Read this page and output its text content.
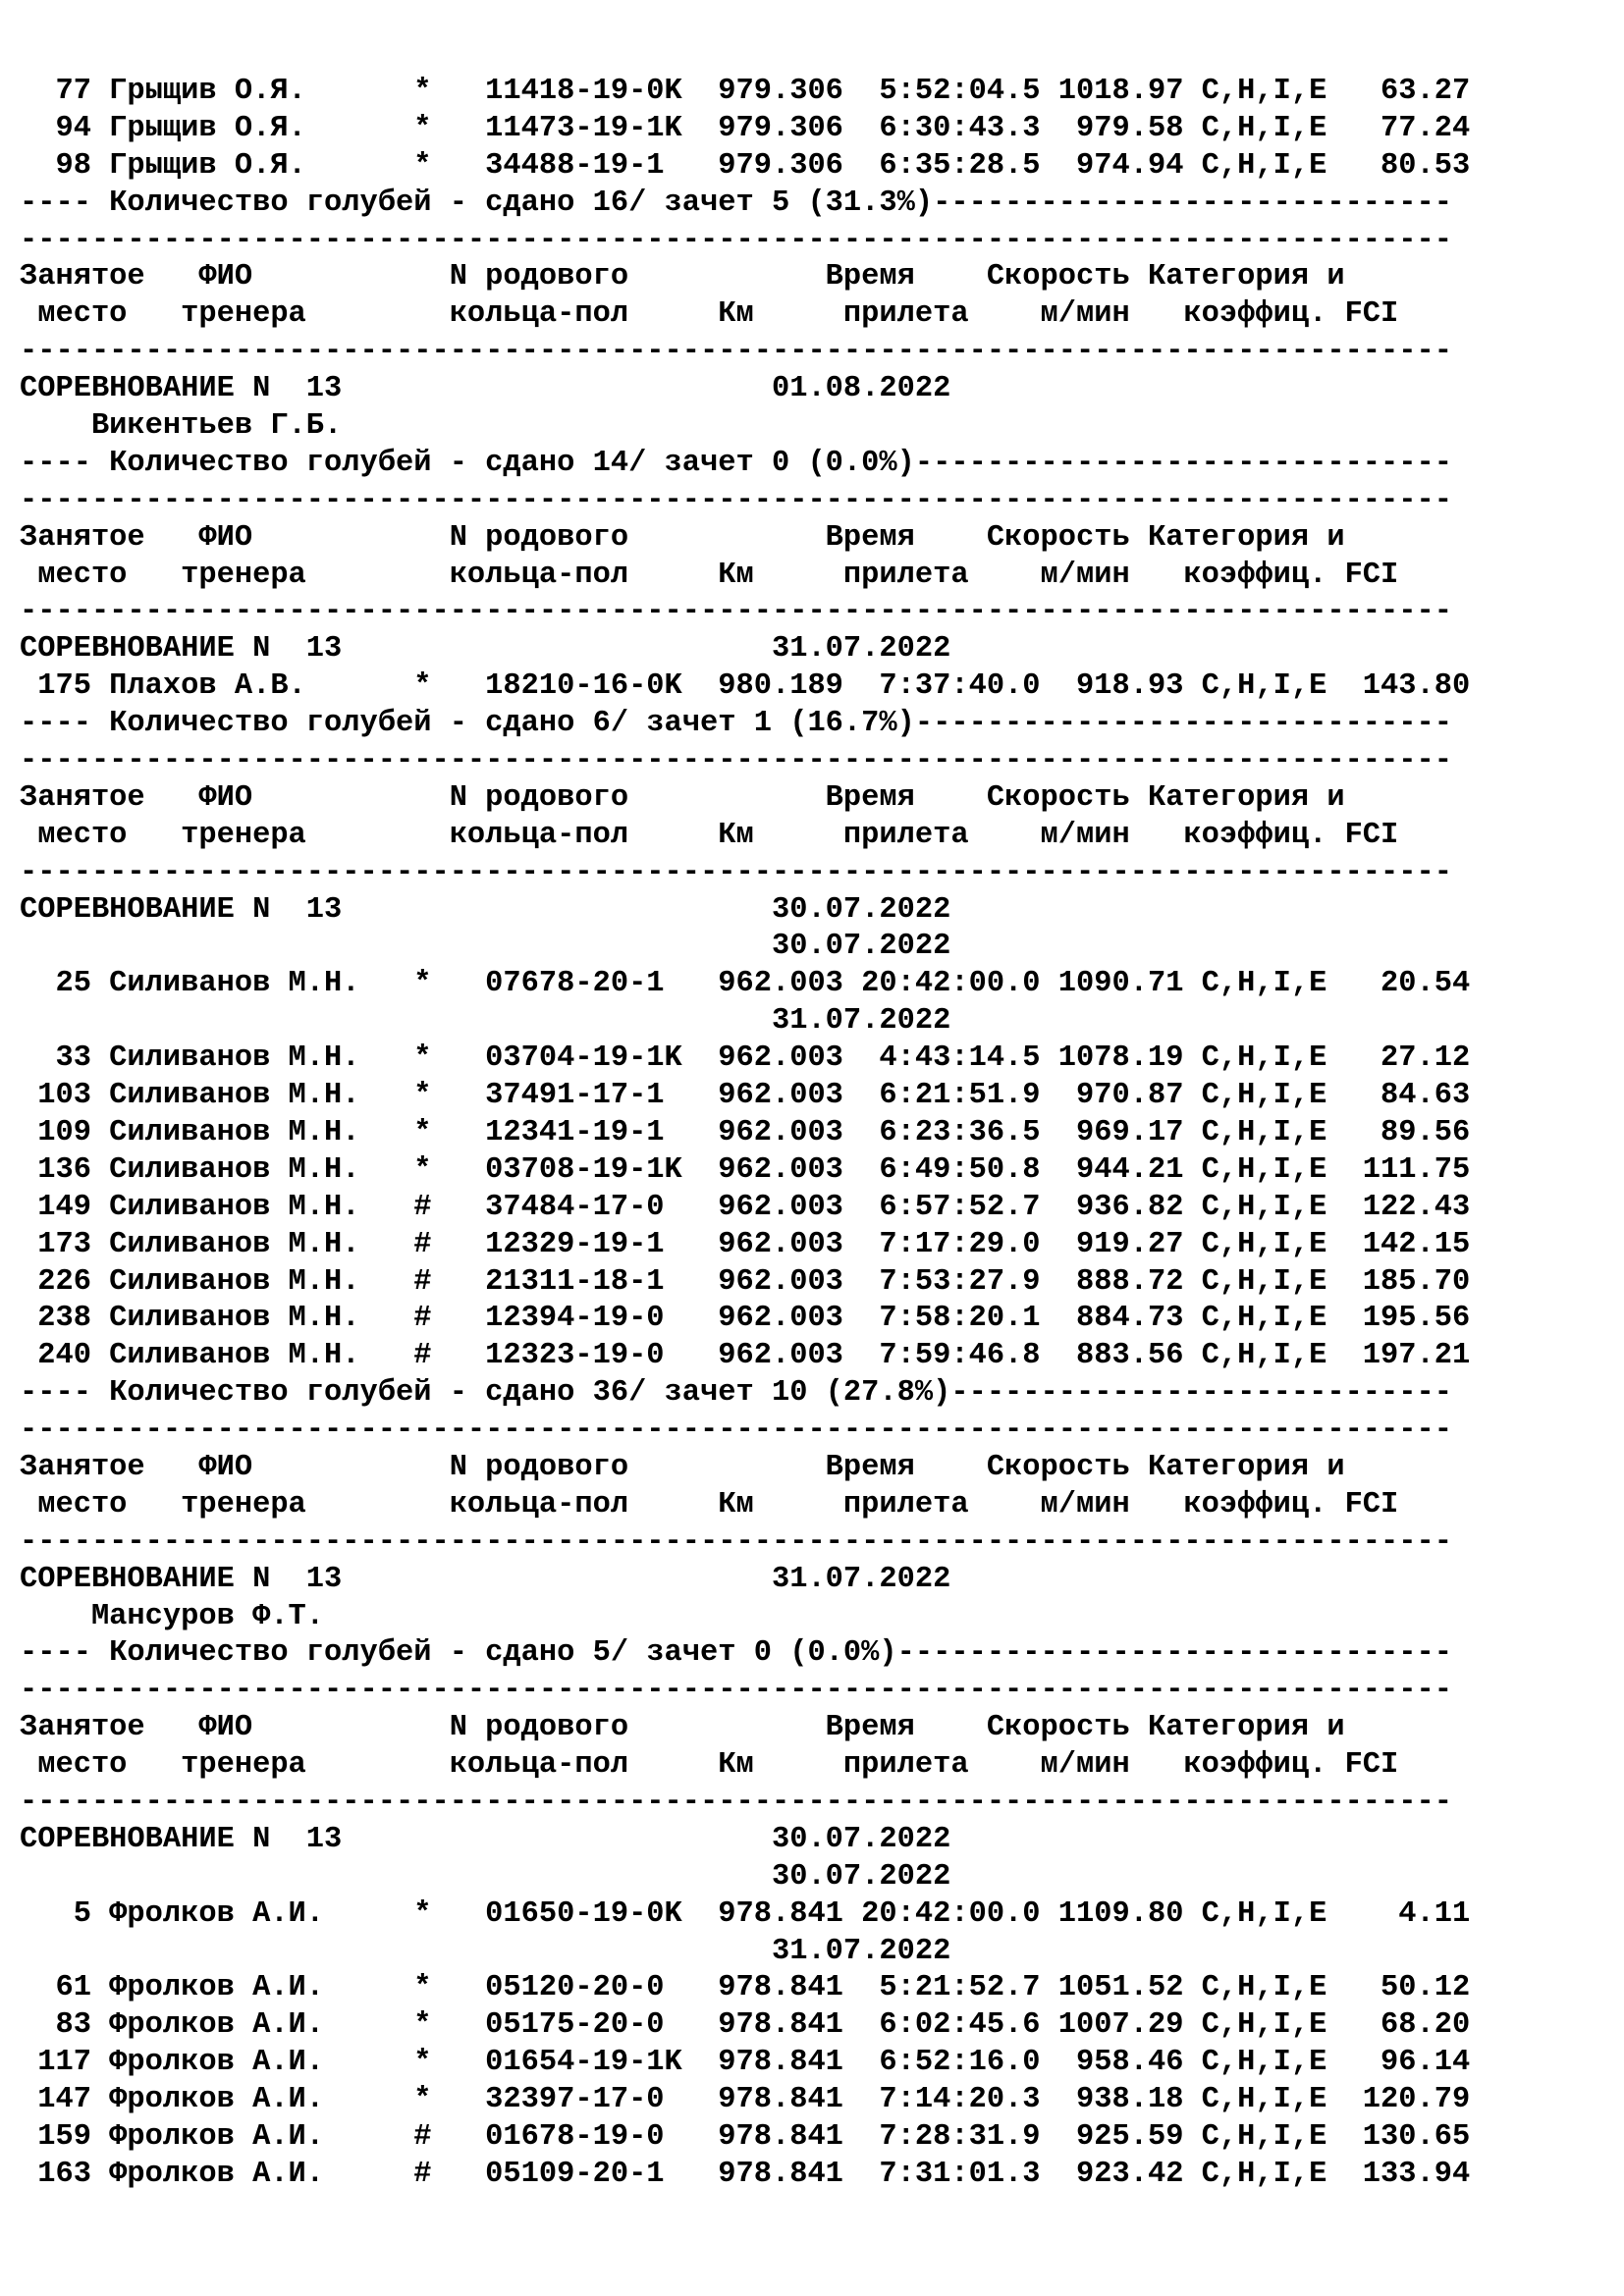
77 Грыщив О.Я.      *   11418-19-0K  979.306  5:52:04.5 1018.97 C,H,I,E   63.27
94 Грыщив О.Я.      *   11473-19-1K  979.306  6:30:43.3  979.58 C,H,I,E   77.24
98 Грыщив О.Я.      *   34488-19-1   979.306  6:35:28.5  974.94 C,H,I,E   80.53
---- Количество голубей - сдано 16/ зачет 5 (31.3%)-----------------------------
--------------------------------------------------------------------------------
Занятое   ФИО           N родового           Время    Скорость Категория и
место   тренера        кольца-пол     Км     прилета    м/мин   коэффиц. FCI
--------------------------------------------------------------------------------
СОРЕВНОВАНИЕ N  13                        01.08.2022
Викентьев Г.Б.
---- Количество голубей - сдано 14/ зачет 0 (0.0%)------------------------------
--------------------------------------------------------------------------------
Занятое   ФИО           N родового           Время    Скорость Категория и
место   тренера        кольца-пол     Км     прилета    м/мин   коэффиц. FCI
--------------------------------------------------------------------------------
СОРЕВНОВАНИЕ N  13                        31.07.2022
175 Плахов А.В.      *   18210-16-0K  980.189  7:37:40.0  918.93 C,H,I,E  143.80
---- Количество голубей - сдано 6/ зачет 1 (16.7%)------------------------------
--------------------------------------------------------------------------------
Занятое   ФИО           N родового           Время    Скорость Категория и
место   тренера        кольца-пол     Км     прилета    м/мин   коэффиц. FCI
--------------------------------------------------------------------------------
СОРЕВНОВАНИЕ N  13                        30.07.2022
30.07.2022
25 Силиванов М.Н.   *   07678-20-1   962.003 20:42:00.0 1090.71 C,H,I,E   20.54
31.07.2022
33 Силиванов М.Н.   *   03704-19-1K  962.003  4:43:14.5 1078.19 C,H,I,E   27.12
103 Силиванов М.Н.   *   37491-17-1   962.003  6:21:51.9  970.87 C,H,I,E   84.63
109 Силиванов М.Н.   *   12341-19-1   962.003  6:23:36.5  969.17 C,H,I,E   89.56
136 Силиванов М.Н.   *   03708-19-1K  962.003  6:49:50.8  944.21 C,H,I,E  111.75
149 Силиванов М.Н.   #   37484-17-0   962.003  6:57:52.7  936.82 C,H,I,E  122.43
173 Силиванов М.Н.   #   12329-19-1   962.003  7:17:29.0  919.27 C,H,I,E  142.15
226 Силиванов М.Н.   #   21311-18-1   962.003  7:53:27.9  888.72 C,H,I,E  185.70
238 Силиванов М.Н.   #   12394-19-0   962.003  7:58:20.1  884.73 C,H,I,E  195.56
240 Силиванов М.Н.   #   12323-19-0   962.003  7:59:46.8  883.56 C,H,I,E  197.21
---- Количество голубей - сдано 36/ зачет 10 (27.8%)----------------------------
--------------------------------------------------------------------------------
Занятое   ФИО           N родового           Время    Скорость Категория и
место   тренера        кольца-пол     Км     прилета    м/мин   коэффиц. FCI
--------------------------------------------------------------------------------
СОРЕВНОВАНИЕ N  13                        31.07.2022
Мансуров Ф.Т.
---- Количество голубей - сдано 5/ зачет 0 (0.0%)-------------------------------
--------------------------------------------------------------------------------
Занятое   ФИО           N родового           Время    Скорость Категория и
место   тренера        кольца-пол     Км     прилета    м/мин   коэффиц. FCI
--------------------------------------------------------------------------------
СОРЕВНОВАНИЕ N  13                        30.07.2022
30.07.2022
5 Фролков А.И.     *   01650-19-0K  978.841 20:42:00.0 1109.80 C,H,I,E    4.11
31.07.2022
61 Фролков А.И.     *   05120-20-0   978.841  5:21:52.7 1051.52 C,H,I,E   50.12
83 Фролков А.И.     *   05175-20-0   978.841  6:02:45.6 1007.29 C,H,I,E   68.20
117 Фролков А.И.     *   01654-19-1K  978.841  6:52:16.0  958.46 C,H,I,E   96.14
147 Фролков А.И.     *   32397-17-0   978.841  7:14:20.3  938.18 C,H,I,E  120.79
159 Фролков А.И.     #   01678-19-0   978.841  7:28:31.9  925.59 C,H,I,E  130.65
163 Фролков А.И.     #   05109-20-1   978.841  7:31:01.3  923.42 C,H,I,E  133.94
